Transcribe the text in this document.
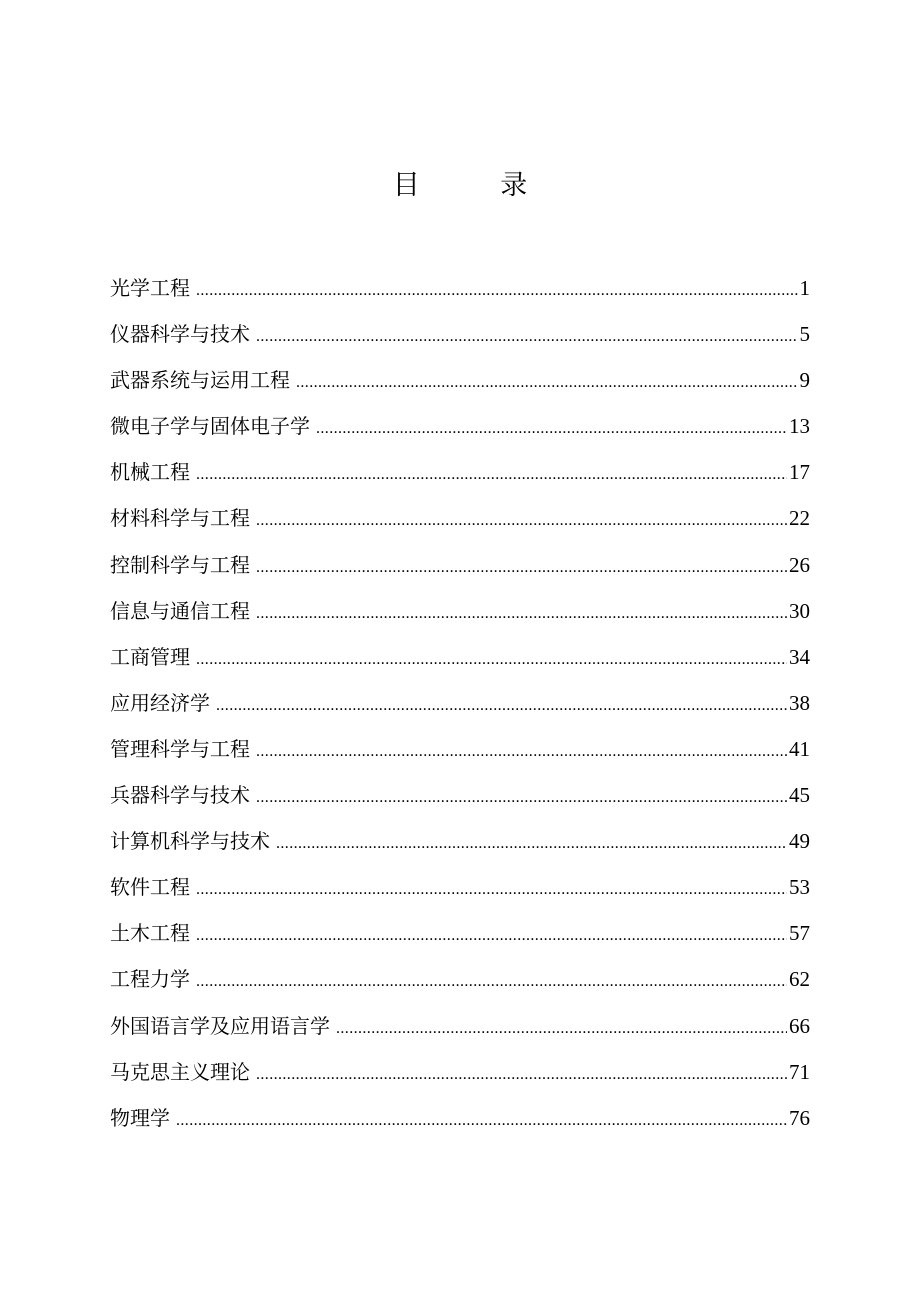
目 录
光学工程 .....	1
仪器科学与技术 .....	5
武器系统与运用工程 .....	9
微电子学与固体电子学 .....	13
机械工程 .....	17
材料科学与工程 .....	22
控制科学与工程 .....	26
信息与通信工程 .....	30
工商管理 .....	34
应用经济学 .....	38
管理科学与工程 .....	41
兵器科学与技术 .....	45
计算机科学与技术 .....	49
软件工程 .....	53
土木工程 .....	57
工程力学 .....	62
外国语言学及应用语言学 .....	66
马克思主义理论 .....	71
物理学 .....	76
